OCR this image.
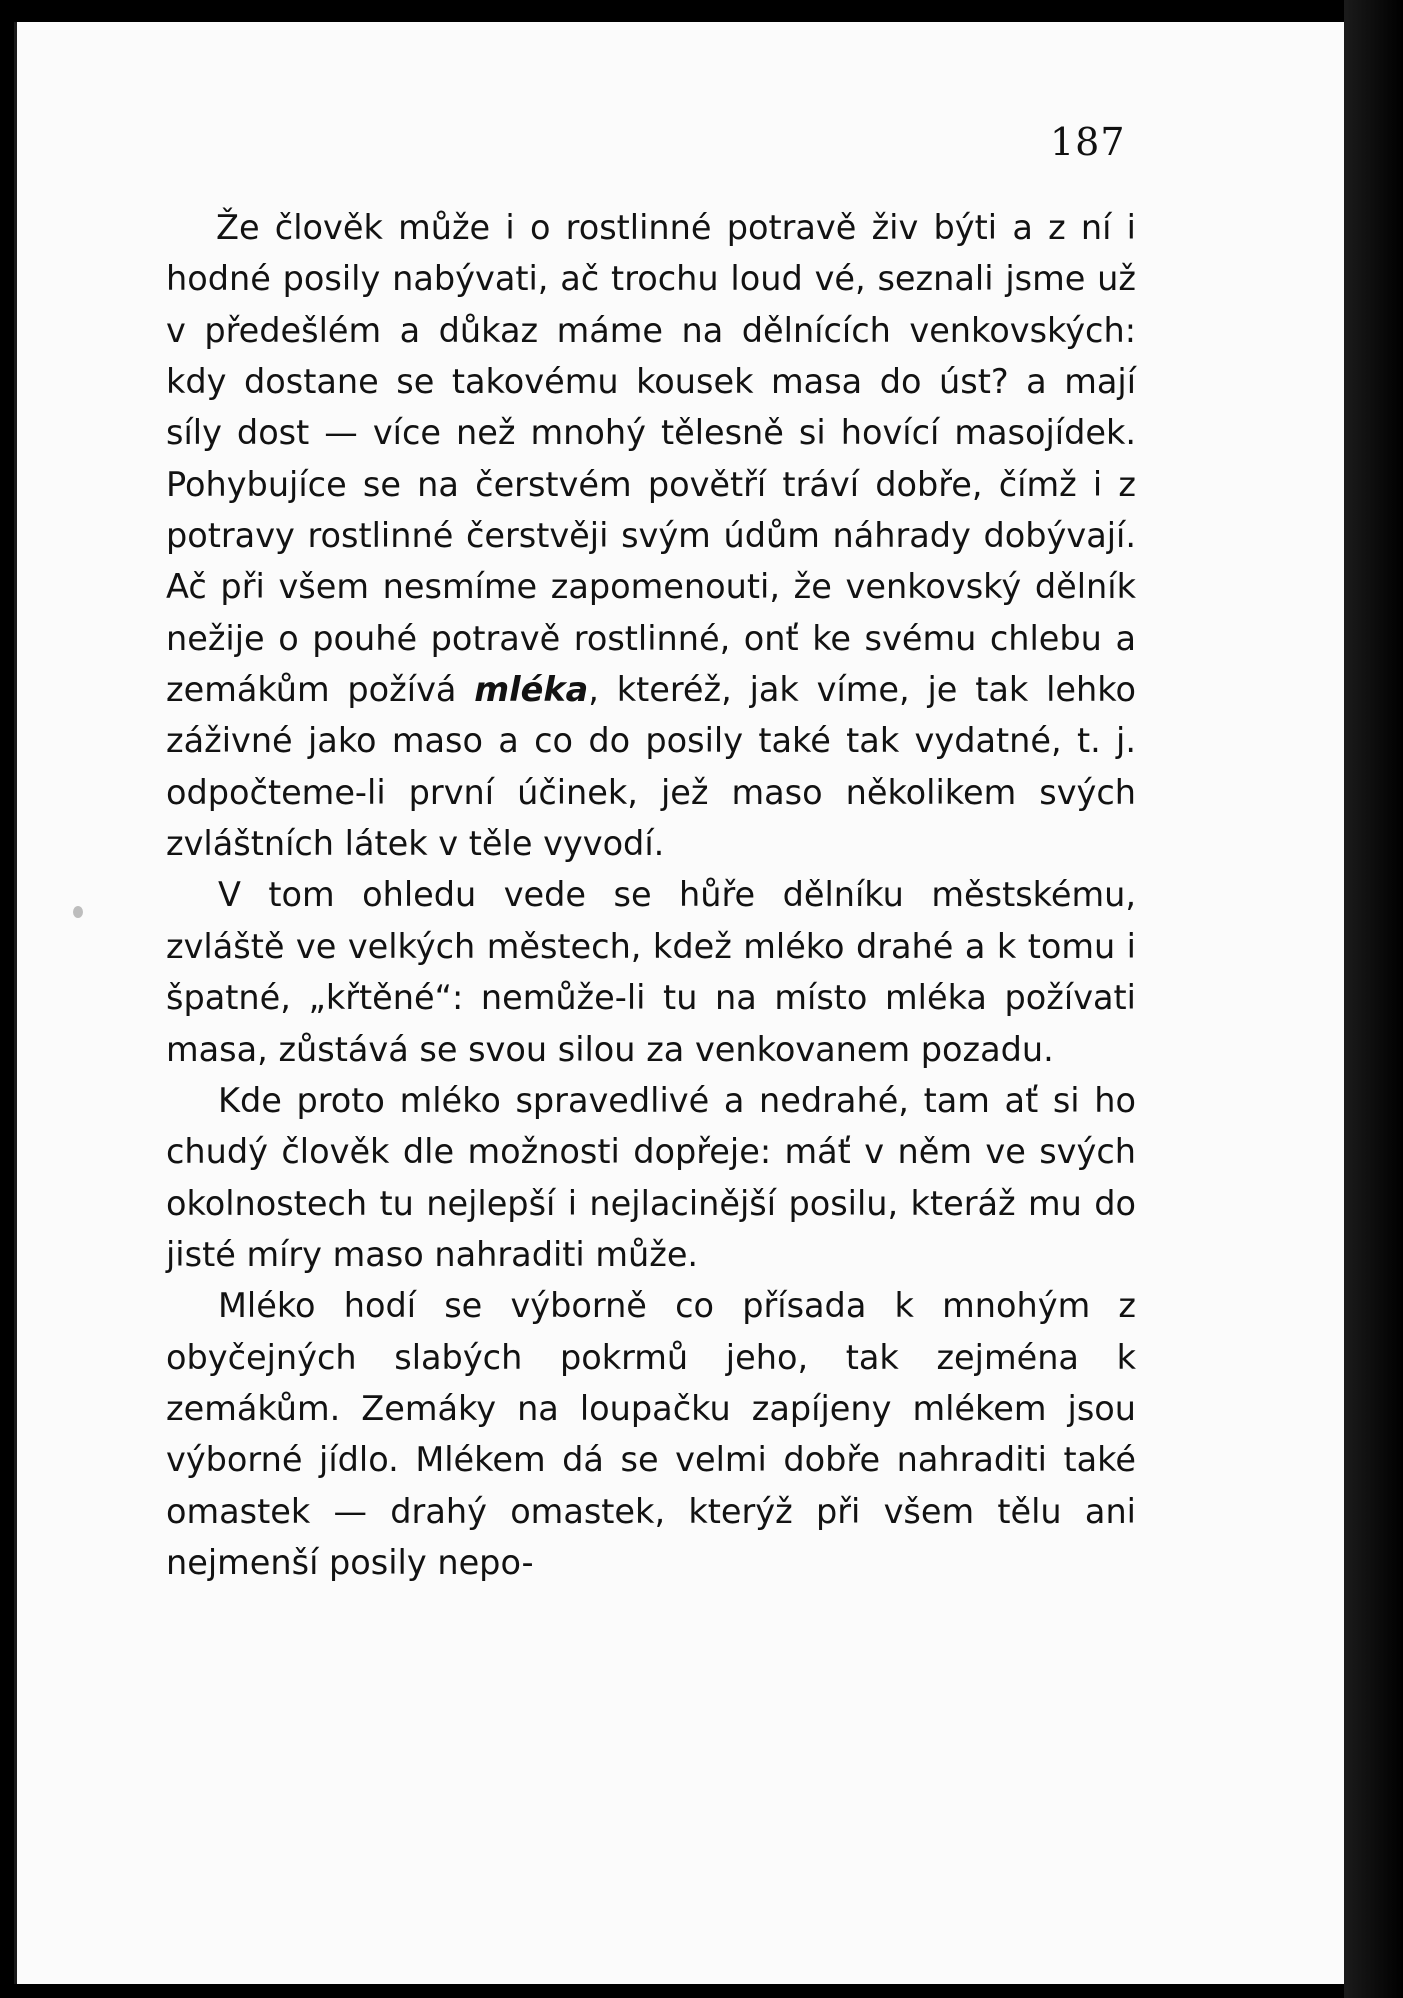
187

Že člověk může i o rostlinné potravě živ býti a z ní i hodné posily nabývati, ač trochu loud vé, seznali jsme už v předešlém a důkaz máme na dělnících venkovských: kdy dostane se takovému kousek masa do úst? a mají síly dost — více než mnohý tělesně si hovící masojídek. Pohybujíce se na čerstvém povětří tráví dobře, čímž i z potravy rostlinné čerstvěji svým údům náhrady dobývají. Ač při všem nesmíme zapomenouti, že venkovský dělník nežije o pouhé potravě rostlinné, onť ke svému chlebu a zemákům požívá mléka, kteréž, jak víme, je tak lehko záživné jako maso a co do posily také tak vydatné, t. j. odpočteme-li první účinek, jež maso několikem svých zvláštních látek v těle vyvodí.

V tom ohledu vede se hůře dělníku městskému, zvláště ve velkých městech, kdež mléko drahé a k tomu i špatné, „křtěné“: nemůže-li tu na místo mléka požívati masa, zůstává se svou silou za venkovanem pozadu.

Kde proto mléko spravedlivé a nedrahé, tam ať si ho chudý člověk dle možnosti dopřeje: máť v něm ve svých okolnostech tu nejlepší i nejlacinější posilu, kteráž mu do jisté míry maso nahraditi může.

Mléko hodí se výborně co přísada k mnohým z obyčejných slabých pokrmů jeho, tak zejména k zemákům. Zemáky na loupačku zapíjeny mlékem jsou výborné jídlo. Mlékem dá se velmi dobře nahraditi také omastek — drahý omastek, kterýž při všem tělu ani nejmenší posily nepo-
